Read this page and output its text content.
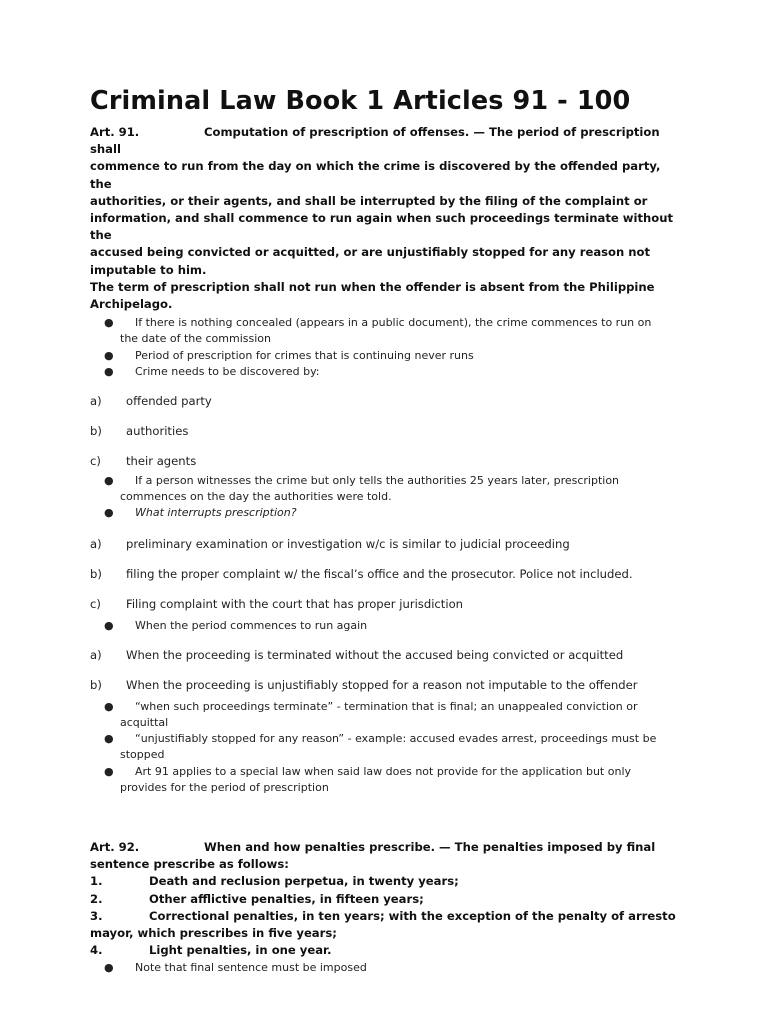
Criminal Law Book 1 Articles 91 - 100

Art. 91.	Computation of prescription of offenses. — The period of prescription shall

commence to run from the day on which the crime is discovered by the offended party, the

authorities, or their agents, and shall be interrupted by the filing of the complaint or

information, and shall commence to run again when such proceedings terminate without the

accused being convicted or acquitted, or are unjustifiably stopped for any reason not

imputable to him.

The term of prescription shall not run when the offender is absent from the Philippine

Archipelago.

●	If there is nothing concealed (appears in a public document), the crime commences to run on
the date of the commission
●	Period of prescription for crimes that is continuing never runs
●	Crime needs to be discovered by:

a) offended party

b) authorities

c) their agents

●	If a person witnesses the crime but only tells the authorities 25 years later, prescription
commences on the day the authorities were told.
●	What interrupts prescription?

a) preliminary examination or investigation w/c is similar to judicial proceeding

b) filing the proper complaint w/ the fiscal’s office and the prosecutor. Police not included.

c) Filing complaint with the court that has proper jurisdiction

●	When the period commences to run again

a) When the proceeding is terminated without the accused being convicted or acquitted

b) When the proceeding is unjustifiably stopped for a reason not imputable to the offender

●	“when such proceedings terminate” - termination that is final; an unappealed conviction or
acquittal
●	“unjustifiably stopped for any reason” - example: accused evades arrest, proceedings must be
stopped
●	Art 91 applies to a special law when said law does not provide for the application but only
provides for the period of prescription

Art. 92.	When and how penalties prescribe. — The penalties imposed by final

sentence prescribe as follows:

1.	Death and reclusion perpetua, in twenty years;

2.	Other afflictive penalties, in fifteen years;

3.	Correctional penalties, in ten years; with the exception of the penalty of arresto

mayor, which prescribes in five years;

4.	Light penalties, in one year.

●	Note that final sentence must be imposed
